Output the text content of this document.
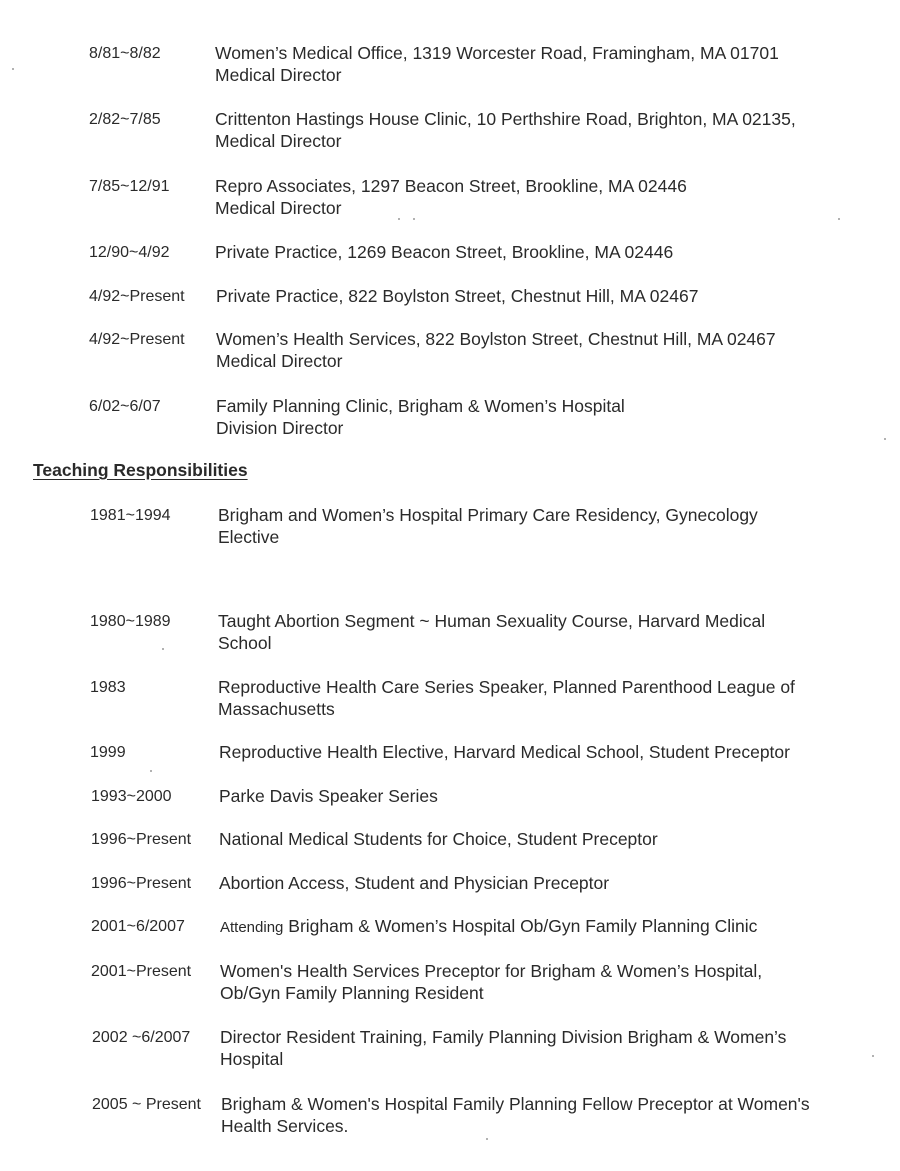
8/81~8/82	Women’s Medical Office, 1319 Worcester Road, Framingham, MA 01701
Medical Director
2/82~7/85	Crittenton Hastings House Clinic, 10 Perthshire Road, Brighton, MA 02135,
Medical Director
7/85~12/91	Repro Associates, 1297 Beacon Street, Brookline, MA 02446
Medical Director
12/90~4/92	Private Practice, 1269 Beacon Street, Brookline, MA 02446
4/92~Present Private Practice, 822 Boylston Street, Chestnut Hill, MA 02467
4/92~Present Women’s Health Services, 822 Boylston Street, Chestnut Hill, MA 02467
Medical Director
6/02~6/07	Family Planning Clinic, Brigham & Women’s Hospital
Division Director
Teaching Responsibilities
1981~1994	Brigham and Women’s Hospital Primary Care Residency, Gynecology
Elective
1980~1989	Taught Abortion Segment ~ Human Sexuality Course, Harvard Medical
School
1983	Reproductive Health Care Series Speaker, Planned Parenthood League of
Massachusetts
1999	Reproductive Health Elective, Harvard Medical School, Student Preceptor
1993~2000	Parke Davis Speaker Series
1996~Present National Medical Students for Choice, Student Preceptor
1996~Present Abortion Access, Student and Physician Preceptor
2001~6/2007 Attending Brigham & Women’s Hospital Ob/Gyn Family Planning Clinic
2001~Present Women's Health Services Preceptor for Brigham & Women’s Hospital,
Ob/Gyn Family Planning Resident
2002 ~6/2007 Director Resident Training, Family Planning Division Brigham & Women’s
Hospital
2005 ~ Present Brigham & Women's Hospital Family Planning Fellow Preceptor at Women's
Health Services.
